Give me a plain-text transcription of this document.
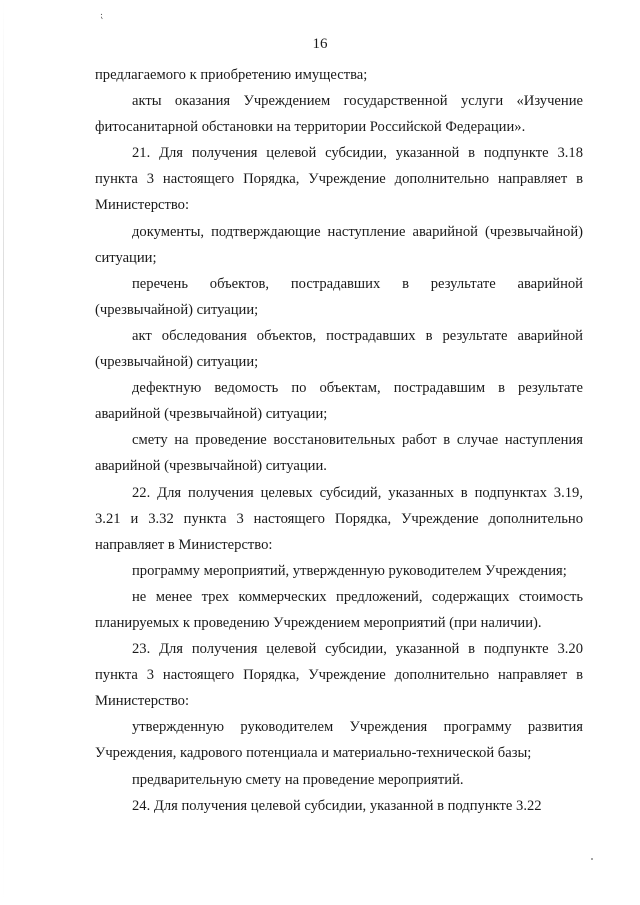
⁏
16

предлагаемого к приобретению имущества;

акты оказания Учреждением государственной услуги «Изучение фитосанитарной обстановки на территории Российской Федерации».

21. Для получения целевой субсидии, указанной в подпункте 3.18 пункта 3 настоящего Порядка, Учреждение дополнительно направляет в Министерство:

документы, подтверждающие наступление аварийной (чрезвычайной) ситуации;

перечень объектов, пострадавших в результате аварийной (чрезвычайной) ситуации;

акт обследования объектов, пострадавших в результате аварийной (чрезвычайной) ситуации;

дефектную ведомость по объектам, пострадавшим в результате аварийной (чрезвычайной) ситуации;

смету на проведение восстановительных работ в случае наступления аварийной (чрезвычайной) ситуации.

22. Для получения целевых субсидий, указанных в подпунктах 3.19, 3.21 и 3.32 пункта 3 настоящего Порядка, Учреждение дополнительно направляет в Министерство:

программу мероприятий, утвержденную руководителем Учреждения;

не менее трех коммерческих предложений, содержащих стоимость планируемых к проведению Учреждением мероприятий (при наличии).

23. Для получения целевой субсидии, указанной в подпункте 3.20 пункта 3 настоящего Порядка, Учреждение дополнительно направляет в Министерство:

утвержденную руководителем Учреждения программу развития Учреждения, кадрового потенциала и материально-технической базы;

предварительную смету на проведение мероприятий.

24. Для получения целевой субсидии, указанной в подпункте 3.22
